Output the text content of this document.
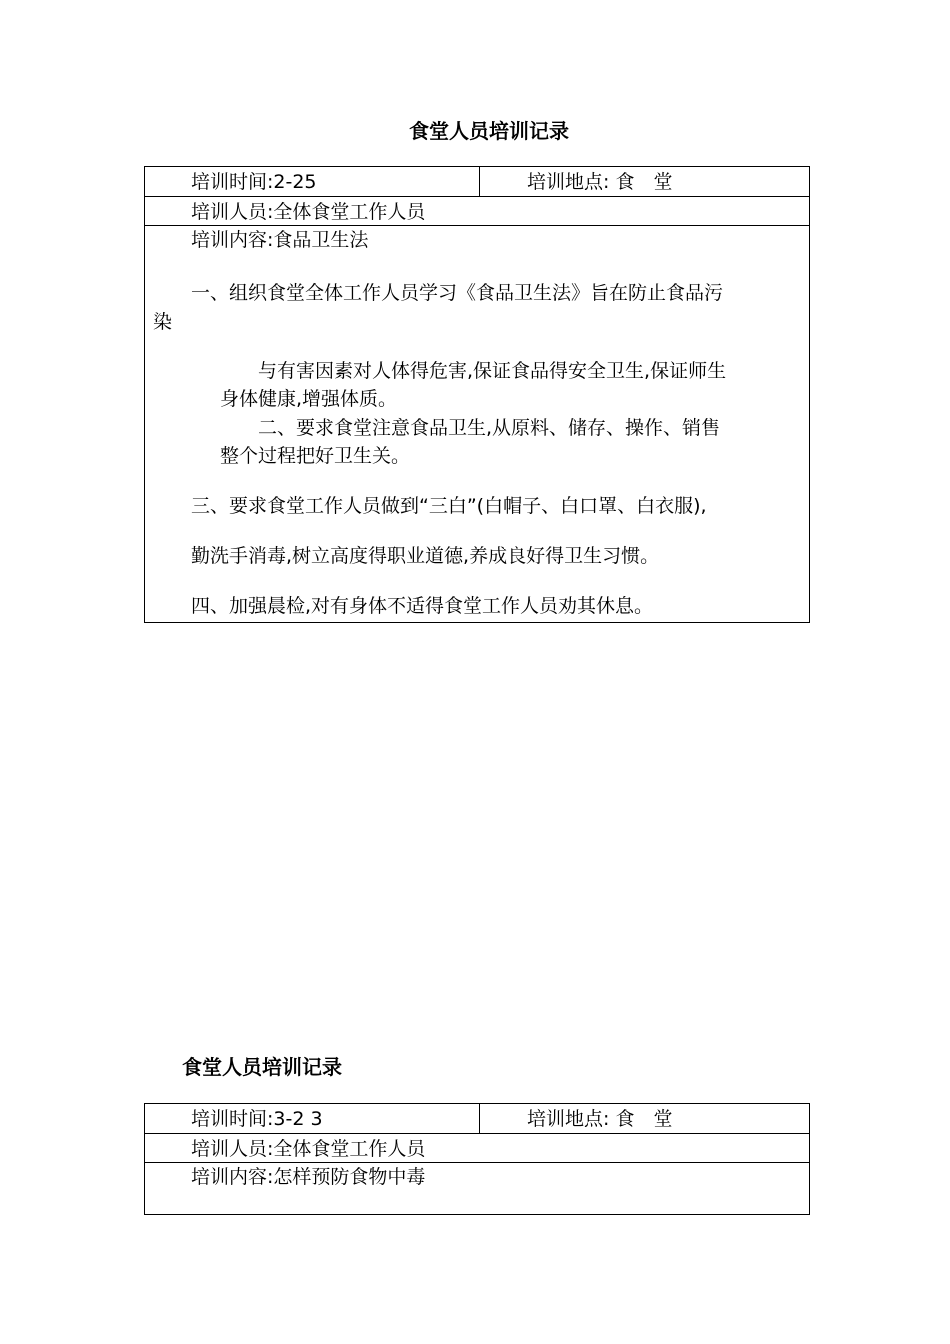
食堂人员培训记录
培训时间:2-25	培训地点: 食　堂
培训人员:全体食堂工作人员
培训内容:食品卫生法
一、组织食堂全体工作人员学习《食品卫生法》旨在防止食品污
染
与有害因素对人体得危害,保证食品得安全卫生,保证师生
身体健康,增强体质。
二、要求食堂注意食品卫生,从原料、储存、操作、销售
整个过程把好卫生关。
三、要求食堂工作人员做到“三白”(白帽子、白口罩、白衣服),
勤洗手消毒,树立高度得职业道德,养成良好得卫生习惯。
四、加强晨检,对有身体不适得食堂工作人员劝其休息。
食堂人员培训记录
培训时间:3-2 3	培训地点: 食　堂
培训人员:全体食堂工作人员
培训内容:怎样预防食物中毒
